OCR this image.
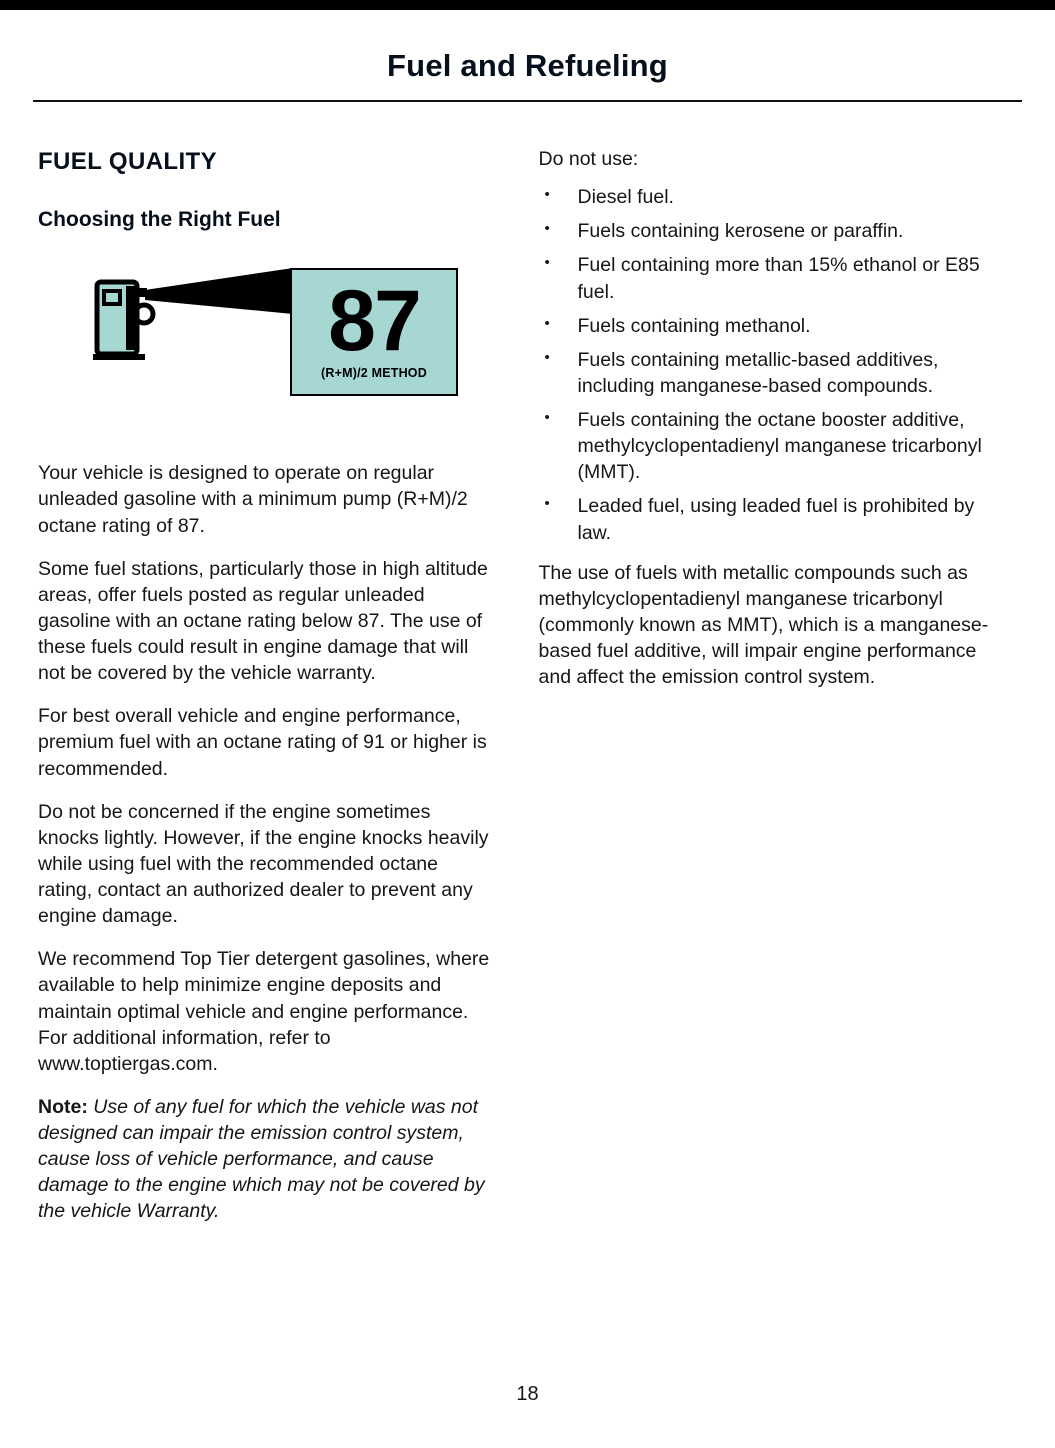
Fuel and Refueling
FUEL QUALITY
Choosing the Right Fuel
87
(R+M)/2 METHOD

Your vehicle is designed to operate on regular unleaded gasoline with a minimum pump (R+M)/2 octane rating of 87.

Some fuel stations, particularly those in high altitude areas, offer fuels posted as regular unleaded gasoline with an octane rating below 87. The use of these fuels could result in engine damage that will not be covered by the vehicle warranty.

For best overall vehicle and engine performance, premium fuel with an octane rating of 91 or higher is recommended.

Do not be concerned if the engine sometimes knocks lightly. However, if the engine knocks heavily while using fuel with the recommended octane rating, contact an authorized dealer to prevent any engine damage.

We recommend Top Tier detergent gasolines, where available to help minimize engine deposits and maintain optimal vehicle and engine performance. For additional information, refer to www.toptiergas.com.

Note: Use of any fuel for which the vehicle was not designed can impair the emission control system, cause loss of vehicle performance, and cause damage to the engine which may not be covered by the vehicle Warranty.

Do not use:
• Diesel fuel.
• Fuels containing kerosene or paraffin.
• Fuel containing more than 15% ethanol or E85 fuel.
• Fuels containing methanol.
• Fuels containing metallic-based additives, including manganese-based compounds.
• Fuels containing the octane booster additive, methylcyclopentadienyl manganese tricarbonyl (MMT).
• Leaded fuel, using leaded fuel is prohibited by law.

The use of fuels with metallic compounds such as methylcyclopentadienyl manganese tricarbonyl (commonly known as MMT), which is a manganese-based fuel additive, will impair engine performance and affect the emission control system.

18
